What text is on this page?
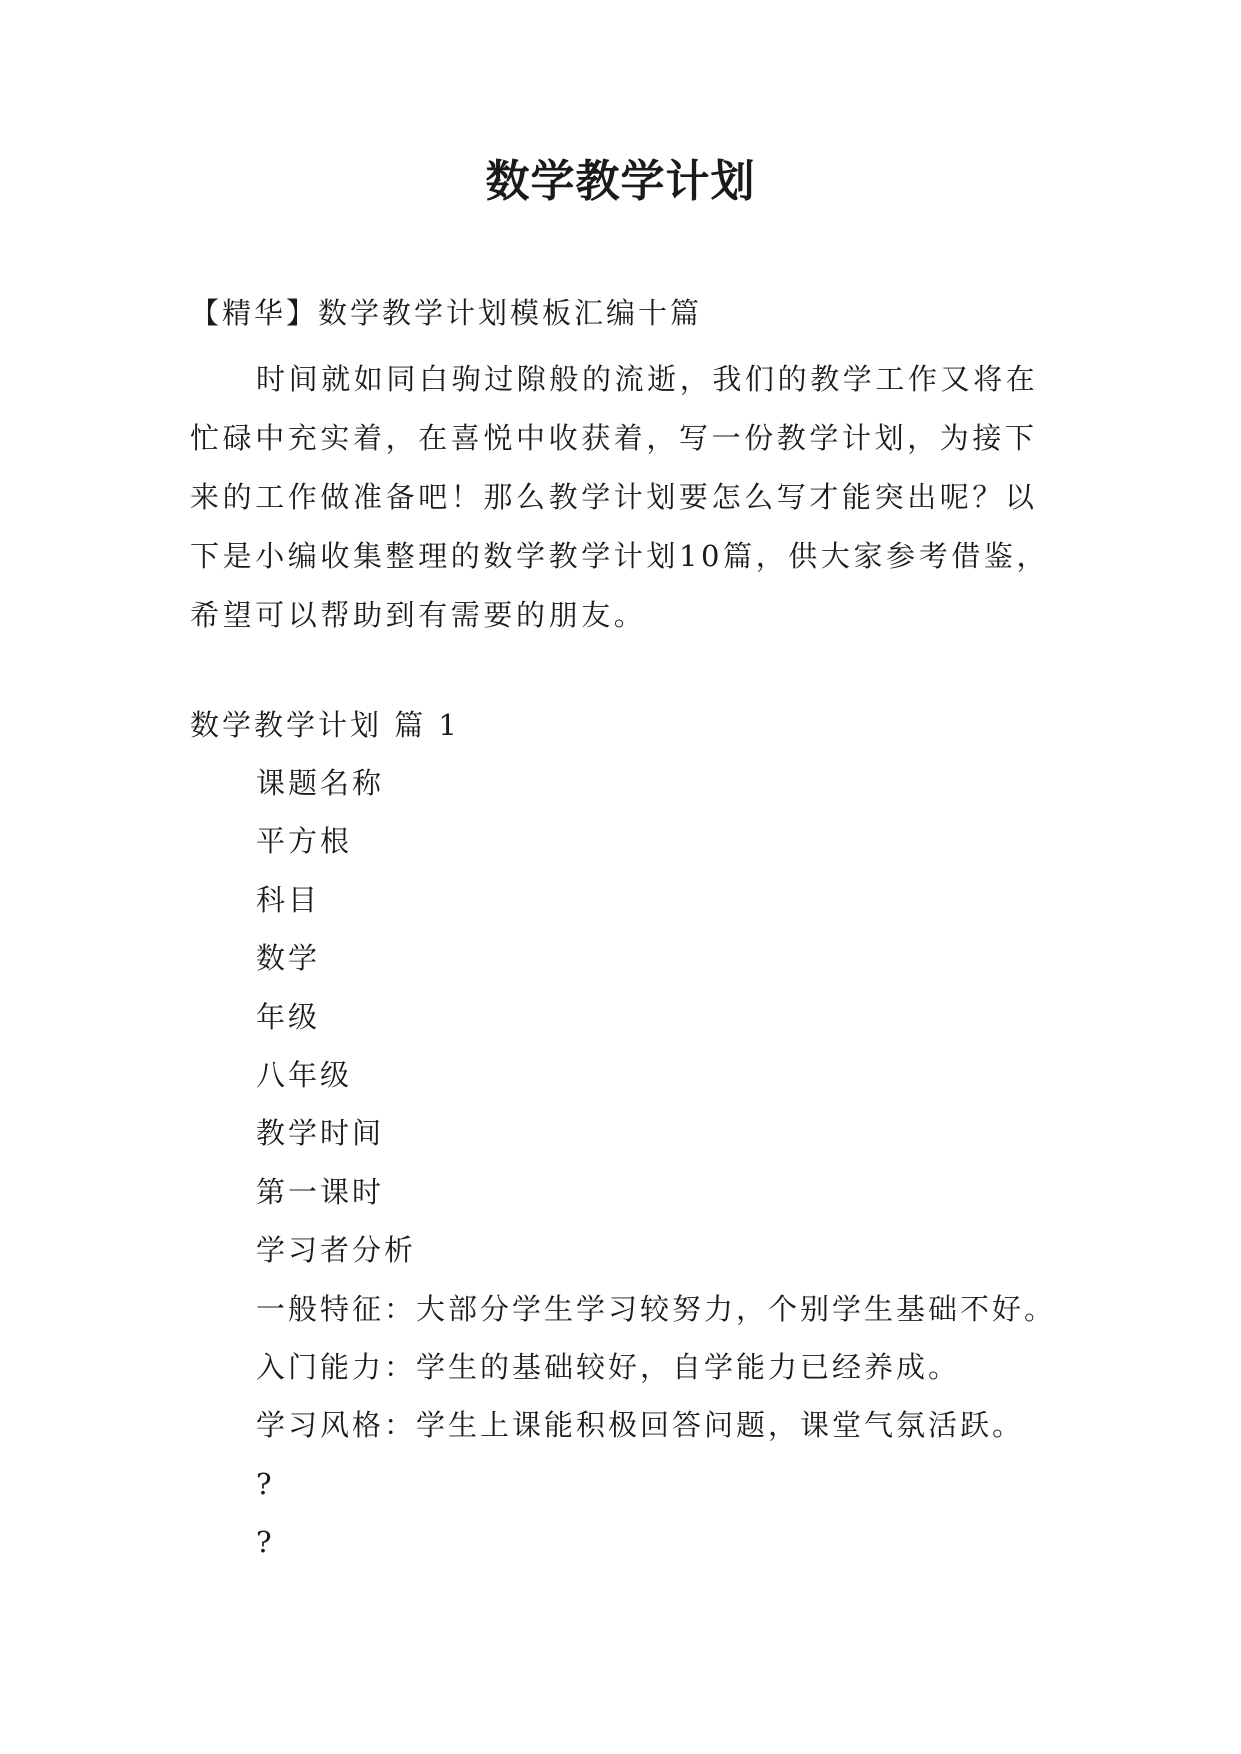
数学教学计划

【精华】数学教学计划模板汇编十篇

时间就如同白驹过隙般的流逝，我们的教学工作又将在忙碌中充实着，在喜悦中收获着，写一份教学计划，为接下来的工作做准备吧！那么教学计划要怎么写才能突出呢？以下是小编收集整理的数学教学计划10篇，供大家参考借鉴，希望可以帮助到有需要的朋友。

数学教学计划 篇 1

课题名称
平方根
科目
数学
年级
八年级
教学时间
第一课时
学习者分析
一般特征：大部分学生学习较努力，个别学生基础不好。
入门能力：学生的基础较好，自学能力已经养成。
学习风格：学生上课能积极回答问题，课堂气氛活跃。
?
?
